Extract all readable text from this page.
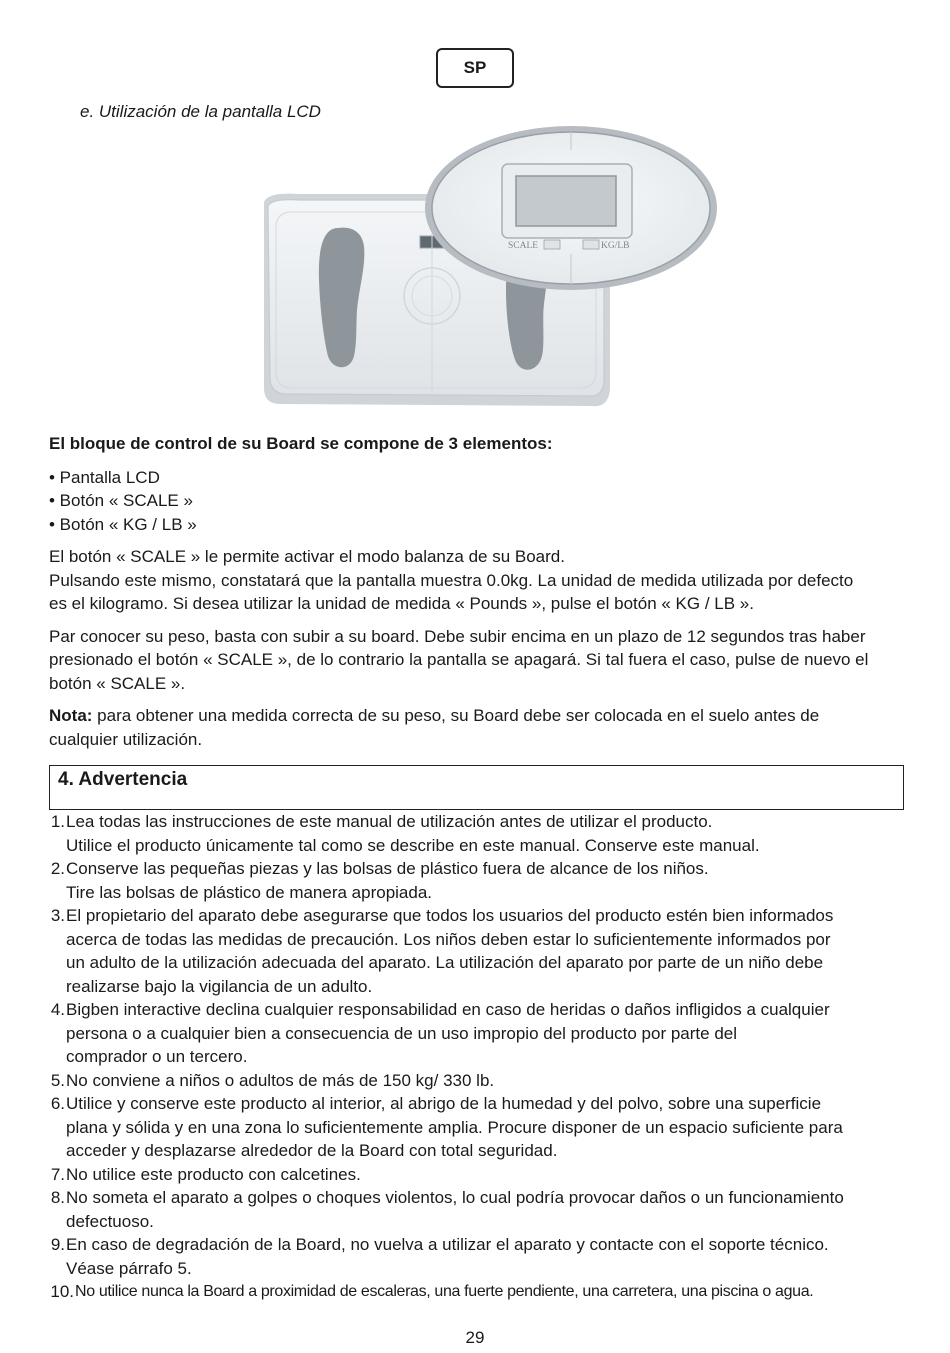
SP
e. Utilización de la pantalla LCD
SCALE	KG/LB

El bloque de control de su Board se compone de 3 elementos:

• Pantalla LCD

• Botón « SCALE »

• Botón « KG / LB »

El botón « SCALE » le permite activar el modo balanza de su Board.

Pulsando este mismo, constatará que la pantalla muestra 0.0kg. La unidad de medida utilizada por defecto

es el kilogramo. Si desea utilizar la unidad de medida « Pounds », pulse el botón « KG / LB ».

Par conocer su peso, basta con subir a su board. Debe subir encima en un plazo de 12 segundos tras haber

presionado el botón « SCALE », de lo contrario la pantalla se apagará. Si tal fuera el caso, pulse de nuevo el

botón « SCALE ».

Nota: para obtener una medida correcta de su peso, su Board debe ser colocada en el suelo antes de

cualquier utilización.

4. Advertencia
1. Lea todas las instrucciones de este manual de utilización antes de utilizar el producto.
Utilice el producto únicamente tal como se describe en este manual. Conserve este manual.
2. Conserve las pequeñas piezas y las bolsas de plástico fuera de alcance de los niños.
Tire las bolsas de plástico de manera apropiada.
3. El propietario del aparato debe asegurarse que todos los usuarios del producto estén bien informados
acerca de todas las medidas de precaución. Los niños deben estar lo suficientemente informados por
un adulto de la utilización adecuada del aparato. La utilización del aparato por parte de un niño debe
realizarse bajo la vigilancia de un adulto.
4. Bigben interactive declina cualquier responsabilidad en caso de heridas o daños infligidos a cualquier
persona o a cualquier bien a consecuencia de un uso impropio del producto por parte del
comprador o un tercero.
5. No conviene a niños o adultos de más de 150 kg/ 330 lb.
6. Utilice y conserve este producto al interior, al abrigo de la humedad y del polvo, sobre una superficie
plana y sólida y en una zona lo suficientemente amplia. Procure disponer de un espacio suficiente para
acceder y desplazarse alrededor de la Board con total seguridad.
7. No utilice este producto con calcetines.
8. No someta el aparato a golpes o choques violentos, lo cual podría provocar daños o un funcionamiento
defectuoso.
9. En caso de degradación de la Board, no vuelva a utilizar el aparato y contacte con el soporte técnico.
Véase párrafo 5.
10. No utilice nunca la Board a proximidad de escaleras, una fuerte pendiente, una carretera, una piscina o agua.
29
